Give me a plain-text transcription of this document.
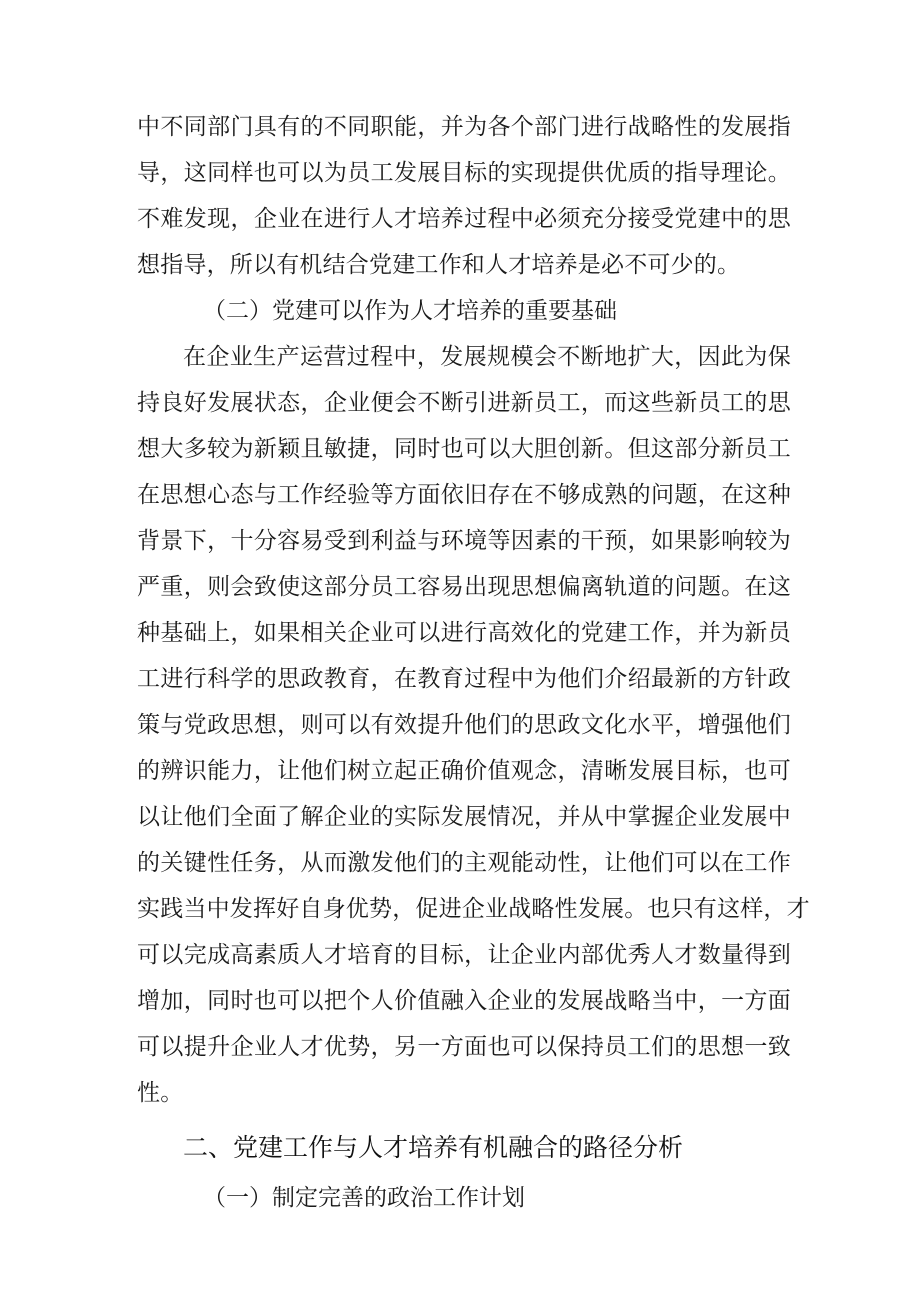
中不同部门具有的不同职能，并为各个部门进行战略性的发展指
导，这同样也可以为员工发展目标的实现提供优质的指导理论。
不难发现，企业在进行人才培养过程中必须充分接受党建中的思
想指导，所以有机结合党建工作和人才培养是必不可少的。
（二）党建可以作为人才培养的重要基础
在企业生产运营过程中，发展规模会不断地扩大，因此为保
持良好发展状态，企业便会不断引进新员工，而这些新员工的思
想大多较为新颖且敏捷，同时也可以大胆创新。但这部分新员工
在思想心态与工作经验等方面依旧存在不够成熟的问题，在这种
背景下，十分容易受到利益与环境等因素的干预，如果影响较为
严重，则会致使这部分员工容易出现思想偏离轨道的问题。在这
种基础上，如果相关企业可以进行高效化的党建工作，并为新员
工进行科学的思政教育，在教育过程中为他们介绍最新的方针政
策与党政思想，则可以有效提升他们的思政文化水平，增强他们
的辨识能力，让他们树立起正确价值观念，清晰发展目标，也可
以让他们全面了解企业的实际发展情况，并从中掌握企业发展中
的关键性任务，从而激发他们的主观能动性，让他们可以在工作
实践当中发挥好自身优势，促进企业战略性发展。也只有这样，才
可以完成高素质人才培育的目标，让企业内部优秀人才数量得到
增加，同时也可以把个人价值融入企业的发展战略当中，一方面
可以提升企业人才优势，另一方面也可以保持员工们的思想一致
性。
二、党建工作与人才培养有机融合的路径分析
（一）制定完善的政治工作计划
